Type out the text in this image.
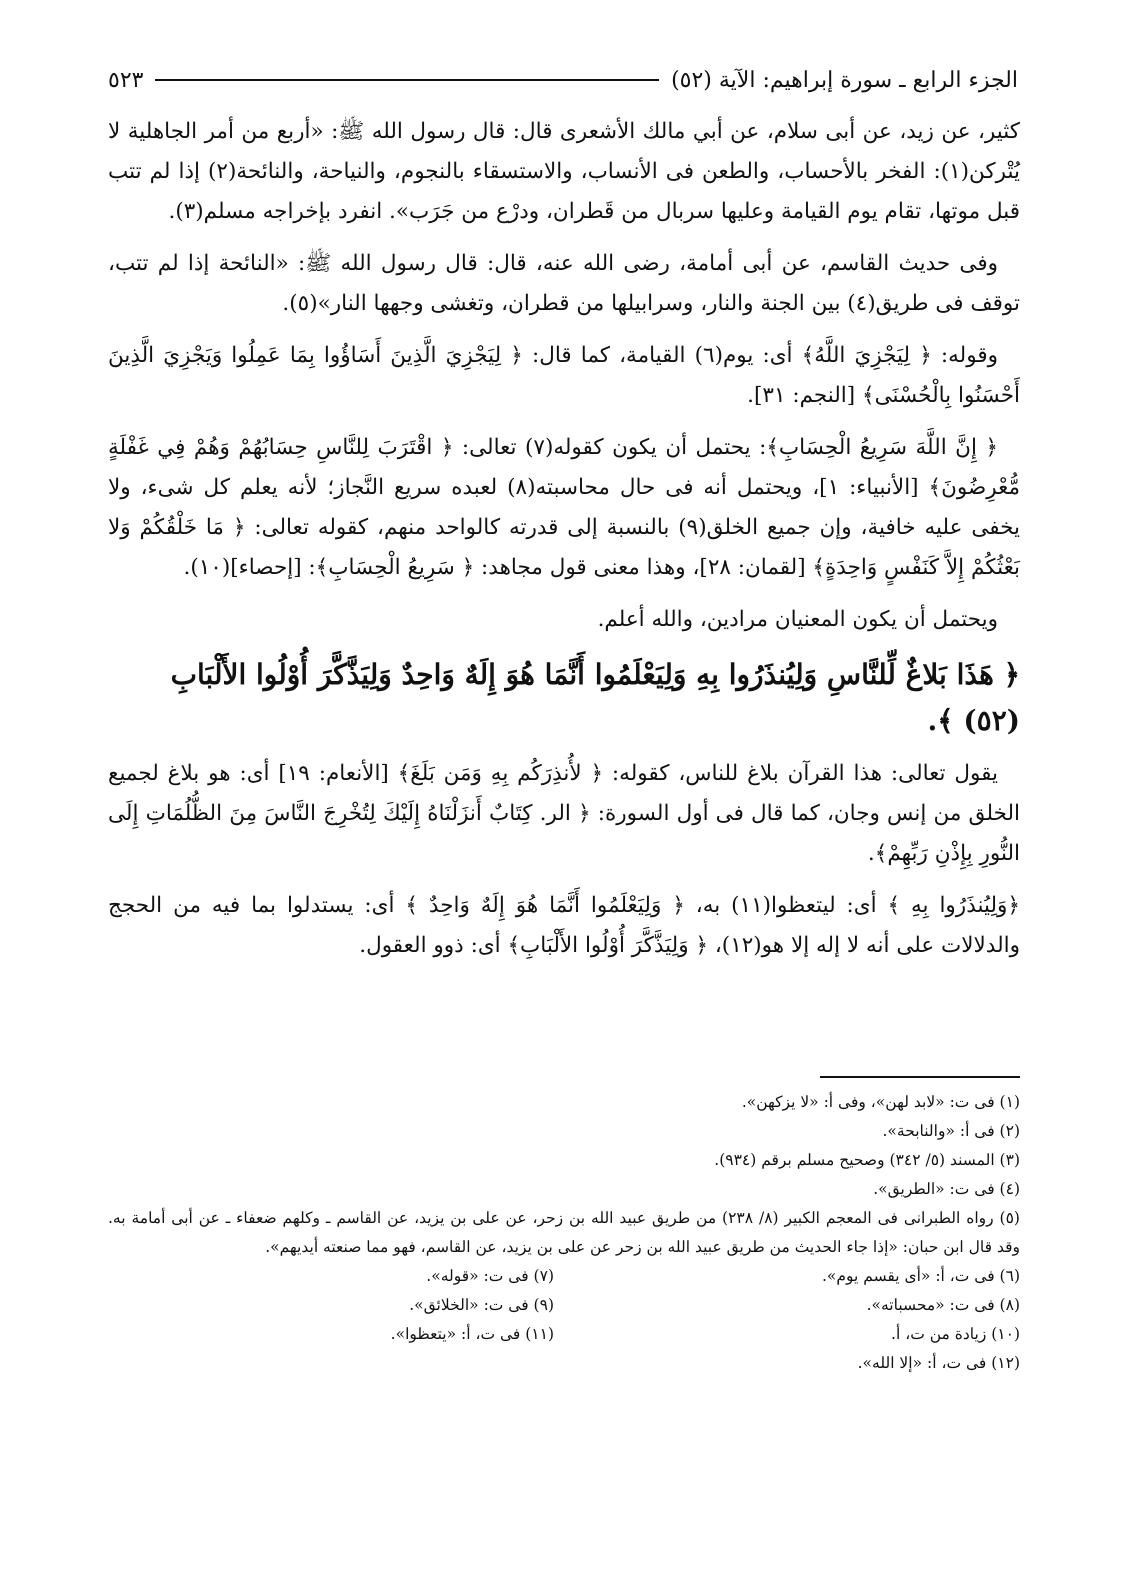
الجزء الرابع ـ سورة إبراهيم: الآية (٥٢)
٥٢٣

كثير، عن زيد، عن أبى سلام، عن أبي مالك الأشعرى قال: قال رسول الله ﷺ: «أربع من أمر الجاهلية لا يُتْركن(١): الفخر بالأحساب، والطعن فى الأنساب، والاستسقاء بالنجوم، والنياحة، والنائحة(٢) إذا لم تتب قبل موتها، تقام يوم القيامة وعليها سربال من قَطران، ودرْع من جَرَب». انفرد بإخراجه مسلم(٣).

وفى حديث القاسم، عن أبى أمامة، رضى الله عنه، قال: قال رسول الله ﷺ: «النائحة إذا لم تتب، توقف فى طريق(٤) بين الجنة والنار، وسرابيلها من قطران، وتغشى وجهها النار»(٥).

وقوله: ﴿ لِيَجْزِيَ اللَّهُ﴾ أى: يوم(٦) القيامة، كما قال: ﴿ لِيَجْزِيَ الَّذِينَ أَسَاؤُوا بِمَا عَمِلُوا وَيَجْزِيَ الَّذِينَ أَحْسَنُوا بِالْحُسْنَى﴾ [النجم: ٣١].

﴿ إِنَّ اللَّهَ سَرِيعُ الْحِسَابِ﴾: يحتمل أن يكون كقوله(٧) تعالى: ﴿ اقْتَرَبَ لِلنَّاسِ حِسَابُهُمْ وَهُمْ فِي غَفْلَةٍ مُّعْرِضُونَ﴾ [الأنبياء: ١]، ويحتمل أنه فى حال محاسبته(٨) لعبده سريع النَّجاز؛ لأنه يعلم كل شىء، ولا يخفى عليه خافية، وإن جميع الخلق(٩) بالنسبة إلى قدرته كالواحد منهم، كقوله تعالى: ﴿ مَا خَلْقُكُمْ وَلا بَعْثُكُمْ إِلاَّ كَنَفْسٍ وَاحِدَةٍ﴾ [لقمان: ٢٨]، وهذا معنى قول مجاهد: ﴿ سَرِيعُ الْحِسَابِ﴾: [إحصاء](١٠).

ويحتمل أن يكون المعنيان مرادين، والله أعلم.

﴿ هَذَا بَلاغٌ لِّلنَّاسِ وَلِيُنذَرُوا بِهِ وَلِيَعْلَمُوا أَنَّمَا هُوَ إِلَهٌ وَاحِدٌ وَلِيَذَّكَّرَ أُوْلُوا الأَلْبَابِ (٥٢) ﴾.

يقول تعالى: هذا القرآن بلاغ للناس، كقوله: ﴿ لأُنذِرَكُم بِهِ وَمَن بَلَغَ﴾ [الأنعام: ١٩] أى: هو بلاغ لجميع الخلق من إنس وجان، كما قال فى أول السورة: ﴿ الر. كِتَابٌ أَنزَلْنَاهُ إِلَيْكَ لِتُخْرِجَ النَّاسَ مِنَ الظُّلُمَاتِ إِلَى النُّورِ بِإِذْنِ رَبِّهِمْ﴾.

﴿وَلِيُنذَرُوا بِهِ ﴾ أى: ليتعظوا(١١) به، ﴿ وَلِيَعْلَمُوا أَنَّمَا هُوَ إِلَهٌ وَاحِدٌ ﴾ أى: يستدلوا بما فيه من الحجج والدلالات على أنه لا إله إلا هو(١٢)، ﴿ وَلِيَذَّكَّرَ أُوْلُوا الأَلْبَابِ﴾ أى: ذوو العقول.

(١) فى ت: «لابد لهن»، وفى أ: «لا يزكهن».

(٢) فى أ: «والنابحة».

(٣) المسند (٥/ ٣٤٢) وصحيح مسلم برقم (٩٣٤).

(٤) فى ت: «الطريق».

(٥) رواه الطبرانى فى المعجم الكبير (٨/ ٢٣٨) من طريق عبيد الله بن زحر، عن على بن يزيد، عن القاسم ـ وكلهم ضعفاء ـ عن أبى أمامة به. وقد قال ابن حبان: «إذا جاء الحديث من طريق عبيد الله بن زحر عن على بن يزيد، عن القاسم، فهو مما صنعته أيديهم».

(٦) فى ت، أ: «أى يقسم يوم».

(٧) فى ت: «قوله».

(٨) فى ت: «محسباته».

(٩) فى ت: «الخلائق».

(١٠) زيادة من ت، أ.

(١١) فى ت، أ: «يتعظوا».

(١٢) فى ت، أ: «إلا الله».
